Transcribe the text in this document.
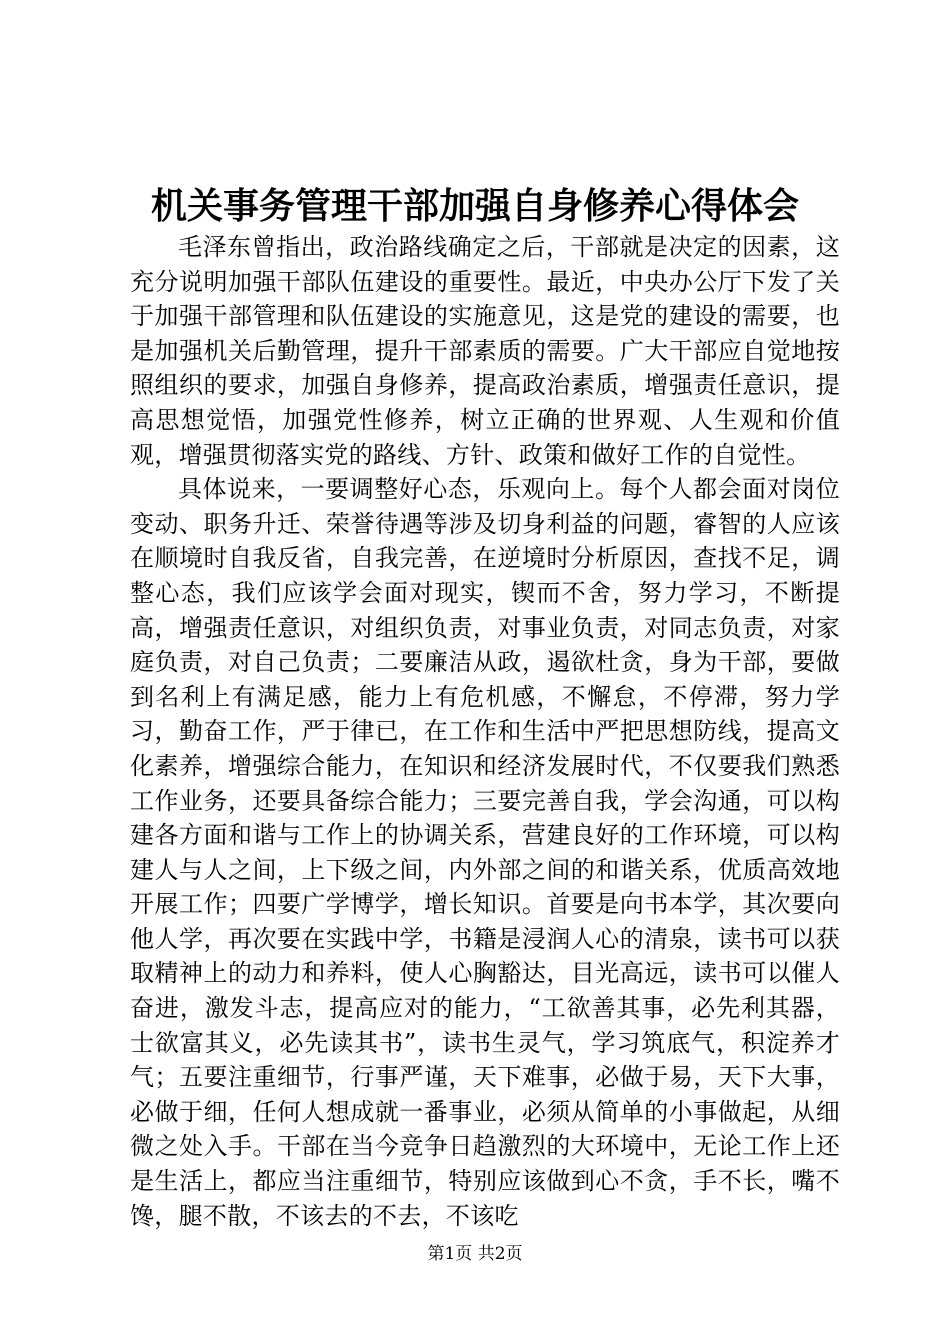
机关事务管理干部加强自身修养心得体会

毛泽东曾指出，政治路线确定之后，干部就是决定的因素，这充分说明加强干部队伍建设的重要性。最近，中央办公厅下发了关于加强干部管理和队伍建设的实施意见，这是党的建设的需要，也是加强机关后勤管理，提升干部素质的需要。广大干部应自觉地按照组织的要求，加强自身修养，提高政治素质，增强责任意识，提高思想觉悟，加强党性修养，树立正确的世界观、人生观和价值观，增强贯彻落实党的路线、方针、政策和做好工作的自觉性。

具体说来，一要调整好心态，乐观向上。每个人都会面对岗位变动、职务升迁、荣誉待遇等涉及切身利益的问题，睿智的人应该在顺境时自我反省，自我完善，在逆境时分析原因，查找不足，调整心态，我们应该学会面对现实，锲而不舍，努力学习，不断提高，增强责任意识，对组织负责，对事业负责，对同志负责，对家庭负责，对自己负责；二要廉洁从政，遏欲杜贪，身为干部，要做到名利上有满足感，能力上有危机感，不懈怠，不停滞，努力学习，勤奋工作，严于律已，在工作和生活中严把思想防线，提高文化素养，增强综合能力，在知识和经济发展时代，不仅要我们熟悉工作业务，还要具备综合能力；三要完善自我，学会沟通，可以构建各方面和谐与工作上的协调关系，营建良好的工作环境，可以构建人与人之间，上下级之间，内外部之间的和谐关系，优质高效地开展工作；四要广学博学，增长知识。首要是向书本学，其次要向他人学，再次要在实践中学，书籍是浸润人心的清泉，读书可以获取精神上的动力和养料，使人心胸豁达，目光高远，读书可以催人奋进，激发斗志，提高应对的能力，“工欲善其事，必先利其器，士欲富其义，必先读其书”，读书生灵气，学习筑底气，积淀养才气；五要注重细节，行事严谨，天下难事，必做于易，天下大事，必做于细，任何人想成就一番事业，必须从简单的小事做起，从细微之处入手。干部在当今竞争日趋激烈的大环境中，无论工作上还是生活上，都应当注重细节，特别应该做到心不贪，手不长，嘴不馋，腿不散，不该去的不去，不该吃

第1页 共2页
